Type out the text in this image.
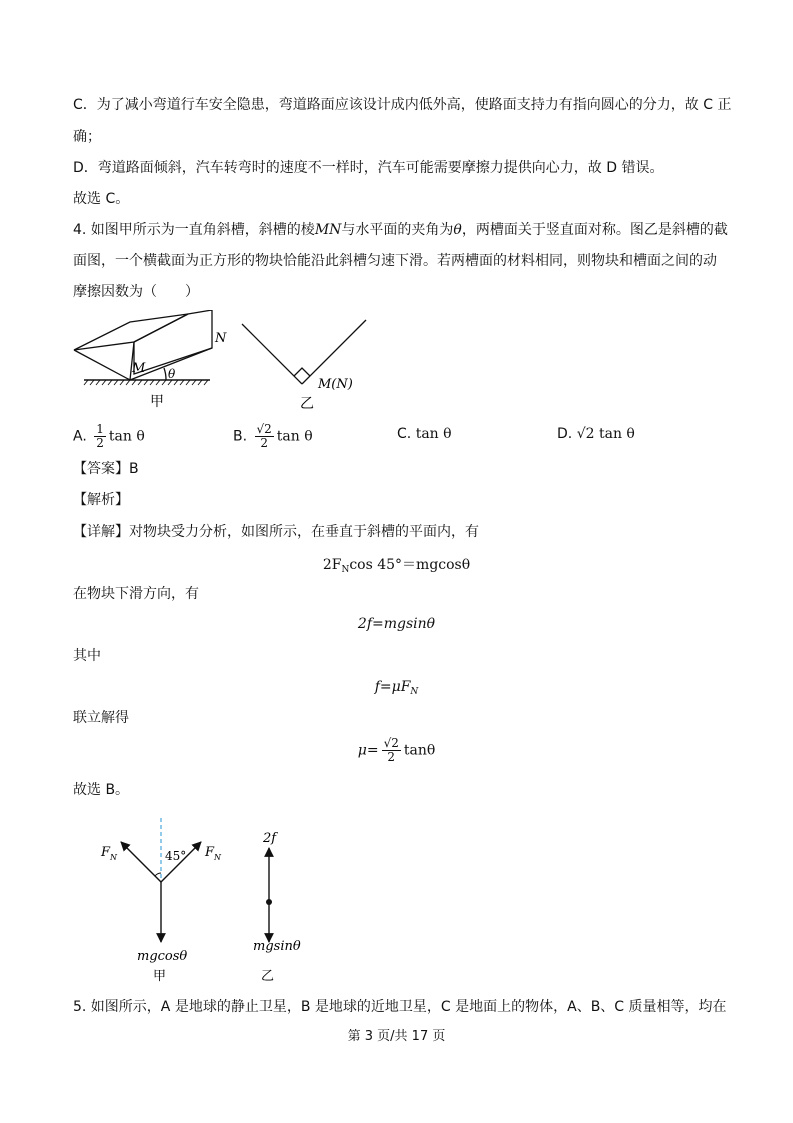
C．为了减小弯道行车安全隐患，弯道路面应该设计成内低外高，使路面支持力有指向圆心的分力，故 C 正
确；
D．弯道路面倾斜，汽车转弯时的速度不一样时，汽车可能需要摩擦力提供向心力，故 D 错误。
故选 C。
4. 如图甲所示为一直角斜槽，斜槽的棱MN与水平面的夹角为θ，两槽面关于竖直面对称。图乙是斜槽的截
面图，一个横截面为正方形的物块恰能沿此斜槽匀速下滑。若两槽面的材料相同，则物块和槽面之间的动
摩擦因数为（　　）
N
M θ
甲
M(N)
乙
A. $\frac{1}{2}$ tan θ	B. $\frac{√2}{2}$ tan θ	C. tan θ	D. √2 tan θ
【答案】B
【解析】
【详解】对物块受力分析，如图所示，在垂直于斜槽的平面内，有
$2F_N\cos$ 45°＝mgcosθ
在物块下滑方向，有
2f=mgsinθ
其中
$f=\mu F_N$
联立解得
$\mu= \frac{√2}{2}$ tanθ
故选 B。
$F_N$	$F_N$
45°
mgcosθ
甲
2f
mgsinθ
乙
5. 如图所示，A 是地球的静止卫星，B 是地球的近地卫星，C 是地面上的物体，A、B、C 质量相等，均在
第 3 页/共 17 页
